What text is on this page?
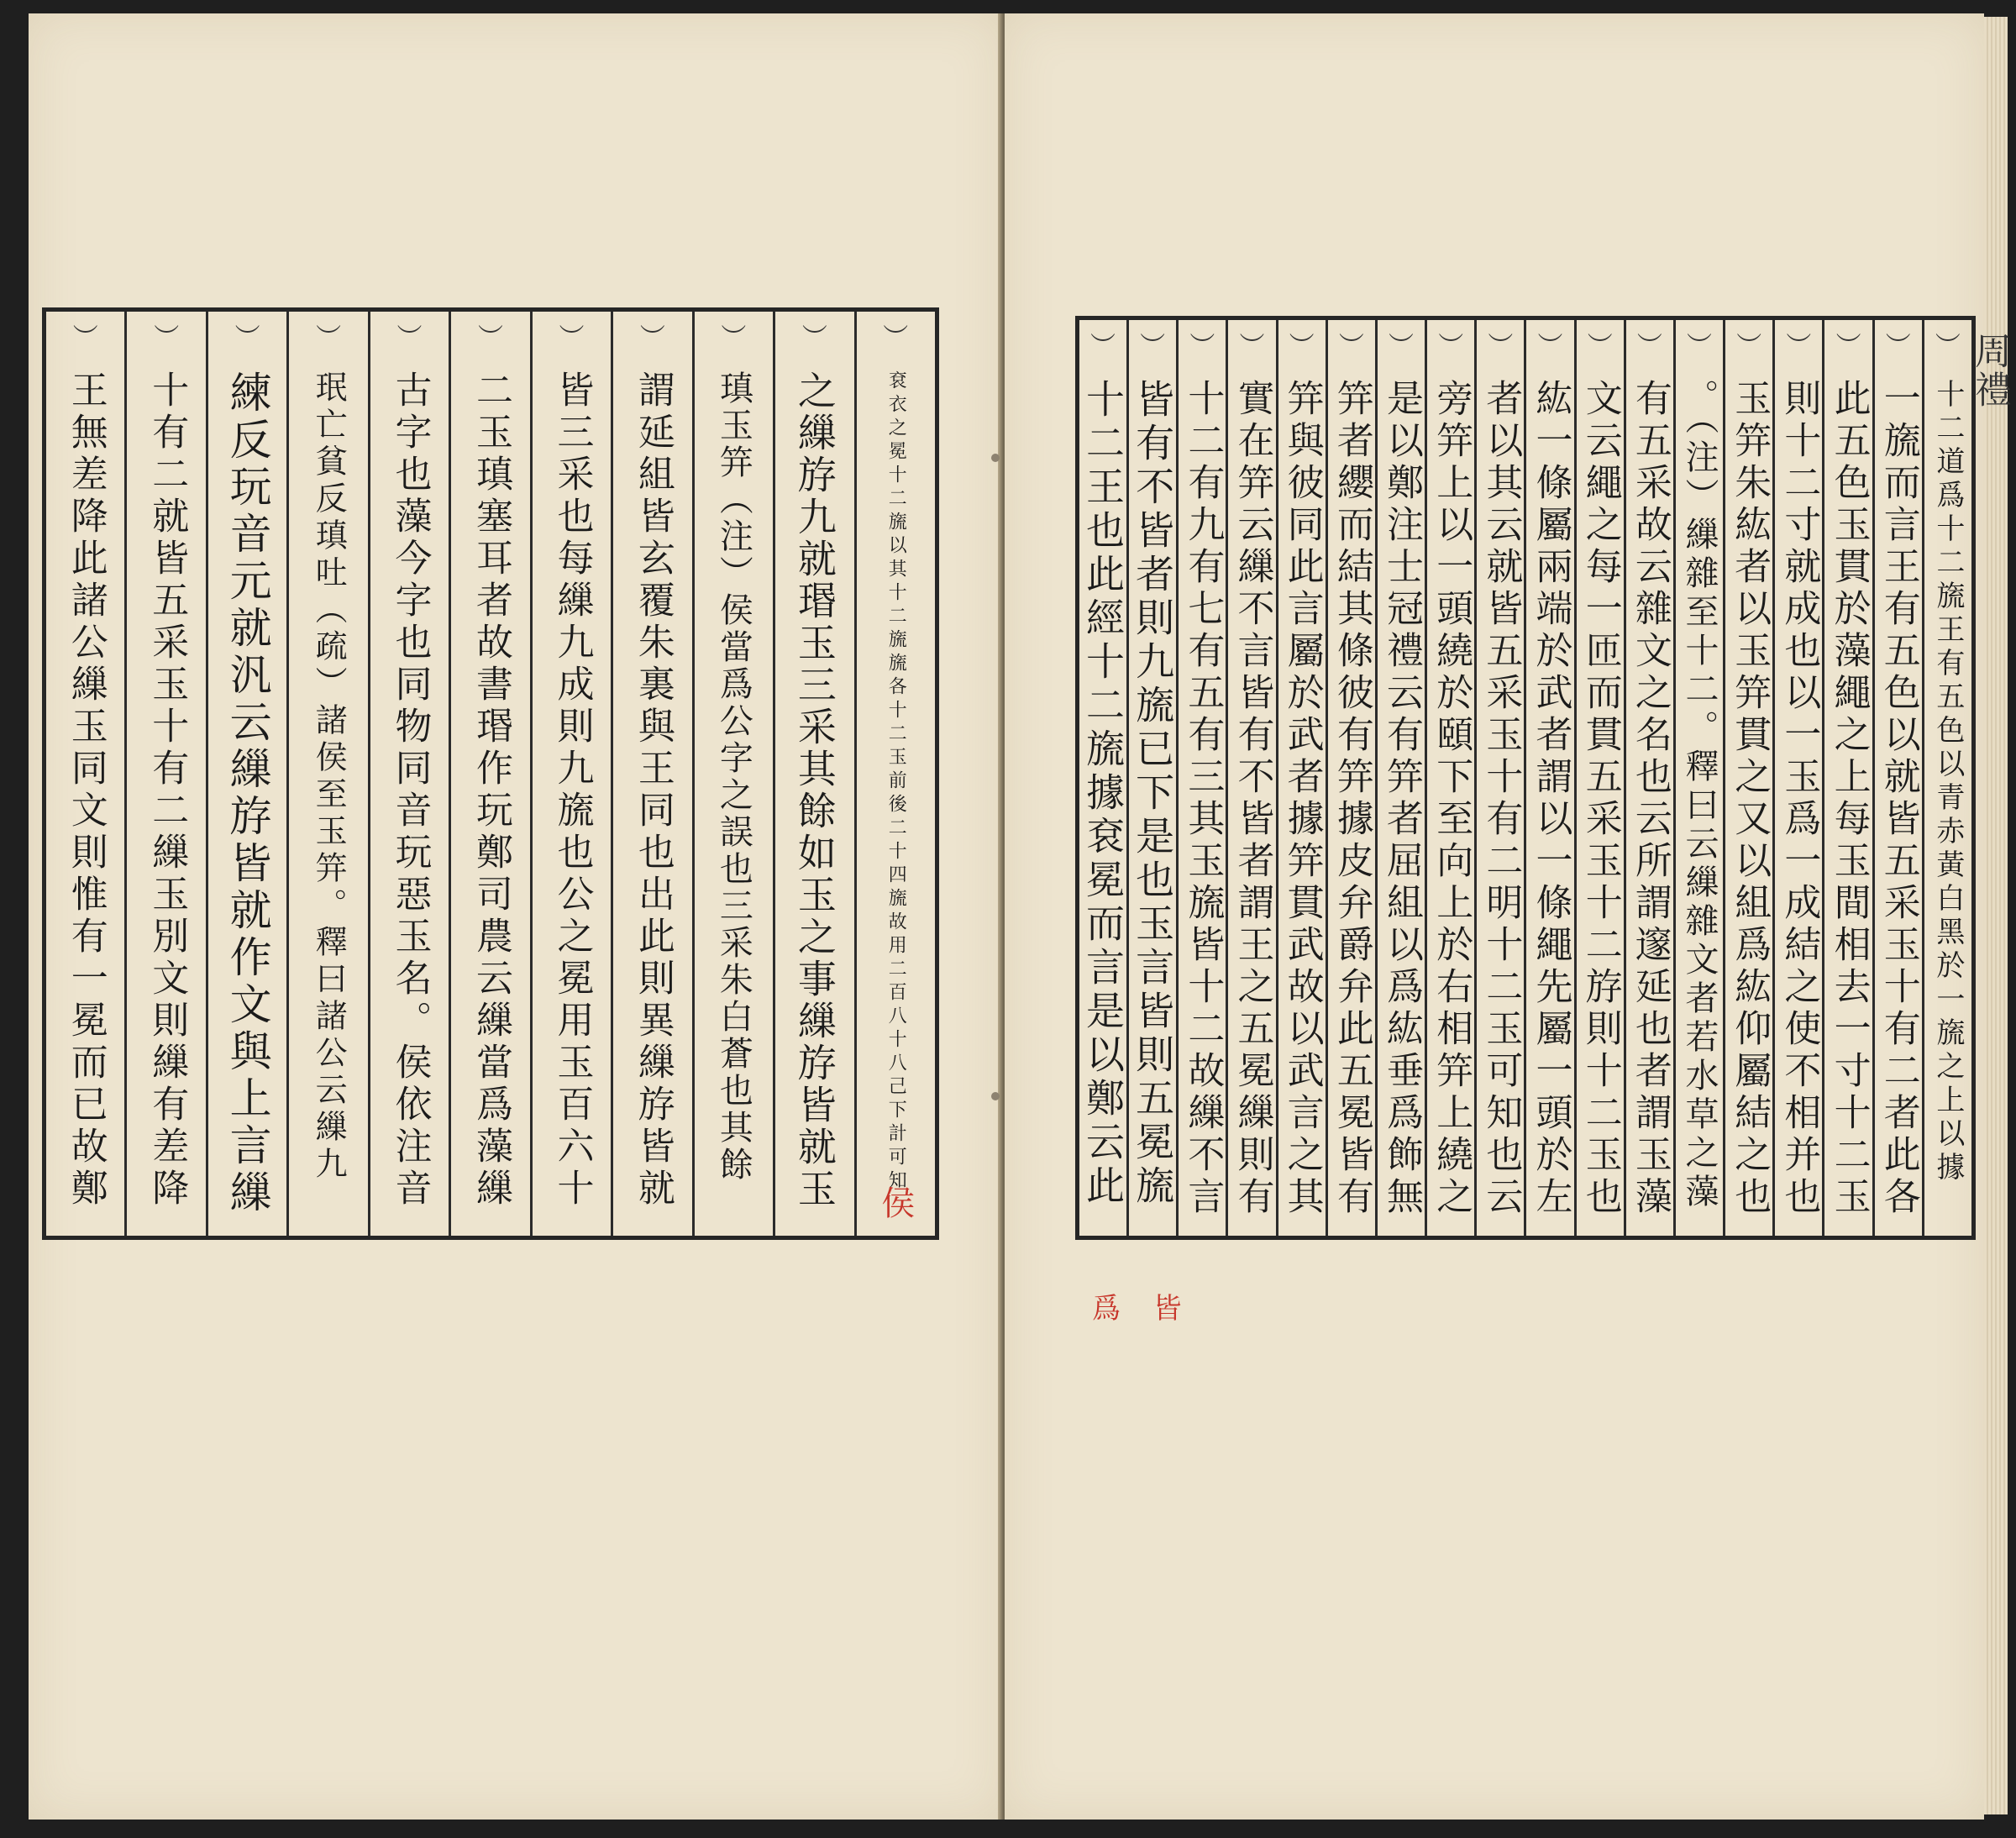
︶
袞衣之冕十二旒以其十二旒旒各十二玉前後二十四旒故用二百八十八己下計可知
侯
︶
之繅斿九就瑉玉三采其餘如玉之事繅斿皆就玉
︶
瑱玉笄（注）侯當爲公字之誤也三采朱白蒼也其餘
︶
謂延組皆玄覆朱裏與王同也出此則異繅斿皆就
︶
皆三采也每繅九成則九旒也公之冕用玉百六十
︶
二玉瑱塞耳者故書瑉作玩鄭司農云繅當爲藻繅
︶
古字也藻今字也同物同音玩惡玉名。侯依注音
︶
珉亡貧反瑱吐（疏）諸侯至玉笄。釋曰諸公云繅九
︶
練反玩音元就汎云繅斿皆就作文與上言繅
︶
十有二就皆五采玉十有二繅玉別文則繅有差降
︶
王無差降此諸公繅玉同文則惟有一冕而已故鄭
︶
十二道爲十二旒王有五色以青赤黃白黑於一旒之上以據
︶
一旒而言王有五色以就皆五采玉十有二者此各
︶
此五色玉貫於藻繩之上每玉間相去一寸十二玉
︶
則十二寸就成也以一玉爲一成結之使不相并也
︶
玉笄朱紘者以玉笄貫之又以組爲紘仰屬結之也
︶
。（注）繅雜至十二。釋曰云繅雜文者若水草之藻
︶
有五采故云雜文之名也云所謂邃延也者謂玉藻
︶
文云繩之每一匝而貫五采玉十二斿則十二玉也
︶
紘一條屬兩端於武者謂以一條繩先屬一頭於左
︶
者以其云就皆五采玉十有二明十二玉可知也云
︶
旁笄上以一頭繞於頤下至向上於右相笄上繞之
︶
是以鄭注士冠禮云有笄者屈組以爲紘垂爲飾無
︶
笄者纓而結其條彼有笄據皮弁爵弁此五冕皆有
︶
笄與彼同此言屬於武者據笄貫武故以武言之其
︶
實在笄云繅不言皆有不皆者謂王之五冕繅則有
︶
十二有九有七有五有三其玉旒皆十二故繅不言
︶
皆有不皆者則九旒已下是也玉言皆則五冕旒
︶
十二王也此經十二旒據袞冕而言是以鄭云此
周禮
爲 皆
